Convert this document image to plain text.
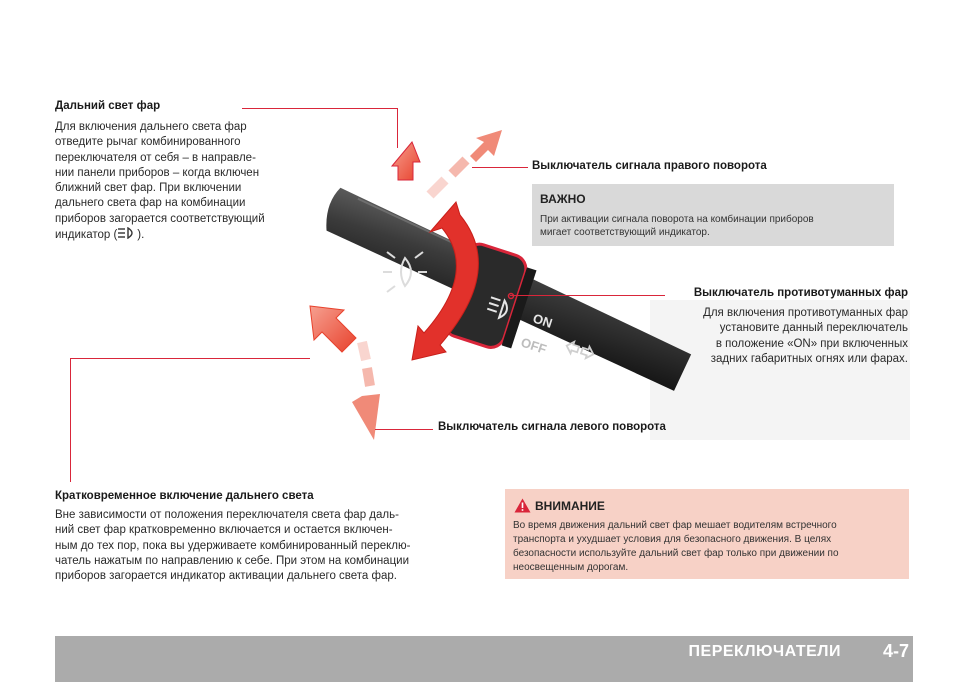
ON
OFF
Дальний свет фар
Для включения дальнего света фар
отведите рычаг комбинированного
переключателя от себя – в направле-
нии панели приборов – когда включен
ближний свет фар. При включении
дальнего света фар на комбинации
приборов загорается соответствующий
индикатор ( ).
Выключатель сигнала правого поворота
ВАЖНО
При активации сигнала поворота на комбинации приборов
мигает соответствующий индикатор.
Выключатель противотуманных фар
Для включения противотуманных фар
установите данный переключатель
в положение «ON» при включенных
задних габаритных огнях или фарах.
Выключатель сигнала левого поворота
Кратковременное включение дальнего света
Вне зависимости от положения переключателя света фар даль-
ний свет фар кратковременно включается и остается включен-
ным до тех пор, пока вы удерживаете комбинированный переклю-
чатель нажатым по направлению к себе. При этом на комбинации
приборов загорается индикатор активации дальнего света фар.
ВНИМАНИЕ
Во время движения дальний свет фар мешает водителям встречного
транспорта и ухудшает условия для безопасного движения. В целях
безопасности используйте дальний свет фар только при движении по
неосвещенным дорогам.
ПЕРЕКЛЮЧАТЕЛИ 4-7
